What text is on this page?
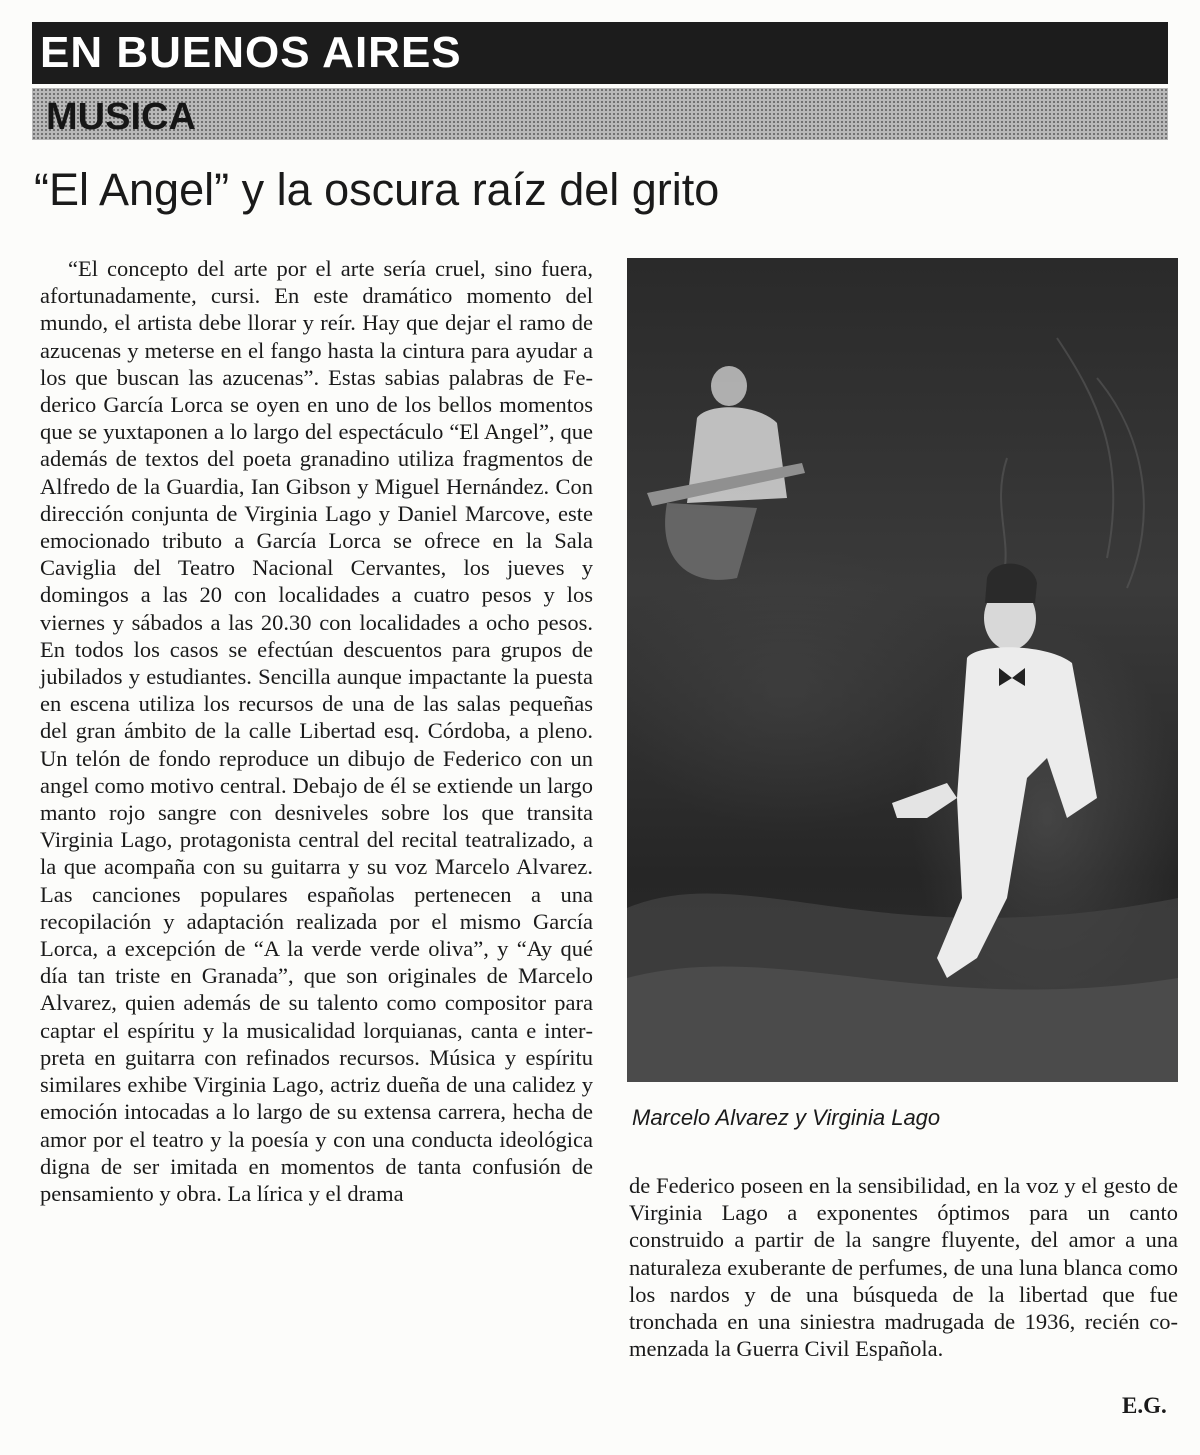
EN BUENOS AIRES
MUSICA
“El Angel” y la oscura raíz del grito

“El concepto del arte por el arte sería cruel, sino fuera, afortunadamente, cursi. En este dramático momento del mundo, el artista debe llorar y reír. Hay que dejar el ramo de azucenas y meterse en el fango hasta la cintura para ayudar a los que buscan las azucenas”. Estas sabias palabras de Federico García Lorca se oyen en uno de los bellos momentos que se yuxtaponen a lo largo del espectáculo “El Angel”, que además de textos del poeta granadino utiliza fragmentos de Alfredo de la Guardia, Ian Gibson y Miguel Hernández. Con dirección conjunta de Virginia Lago y Daniel Marcove, este emocionado tributo a García Lorca se ofrece en la Sala Caviglia del Teatro Nacional Cervantes, los jueves y domingos a las 20 con localidades a cuatro pesos y los viernes y sábados a las 20.30 con localidades a ocho pesos. En todos los casos se efectúan descuentos para grupos de jubilados y estudiantes. Sencilla aunque impactante la puesta en escena utiliza los recursos de una de las salas pequeñas del gran ámbito de la calle Libertad esq. Córdoba, a pleno. Un telón de fondo reproduce un dibujo de Federico con un angel como motivo central. Debajo de él se extiende un largo manto rojo sangre con desniveles sobre los que transita Virginia Lago, protagonista central del recital teatralizado, a la que acompaña con su guitarra y su voz Marcelo Alvarez. Las canciones populares españolas pertenecen a una recopilación y adaptación realizada por el mismo García Lorca, a excepción de “A la verde verde oliva”, y “Ay qué día tan triste en Granada”, que son originales de Marcelo Alvarez, quien además de su talento como compositor para captar el espíritu y la musicalidad lorquianas, canta e interpreta en guitarra con refinados recursos. Música y espíritu similares exhibe Virginia Lago, actriz dueña de una calidez y emoción intocadas a lo largo de su extensa carrera, hecha de amor por el teatro y la poesía y con una conducta ideológica digna de ser imitada en momentos de tanta confusión de pensamiento y obra. La lírica y el drama

Marcelo Alvarez y Virginia Lago

de Federico poseen en la sensibilidad, en la voz y el gesto de Virginia Lago a exponentes óptimos para un canto construido a partir de la sangre fluyente, del amor a una naturaleza exuberante de perfumes, de una luna blanca como los nardos y de una búsqueda de la libertad que fue tronchada en una siniestra madrugada de 1936, recién comenzada la Guerra Civil Española.

E.G.
